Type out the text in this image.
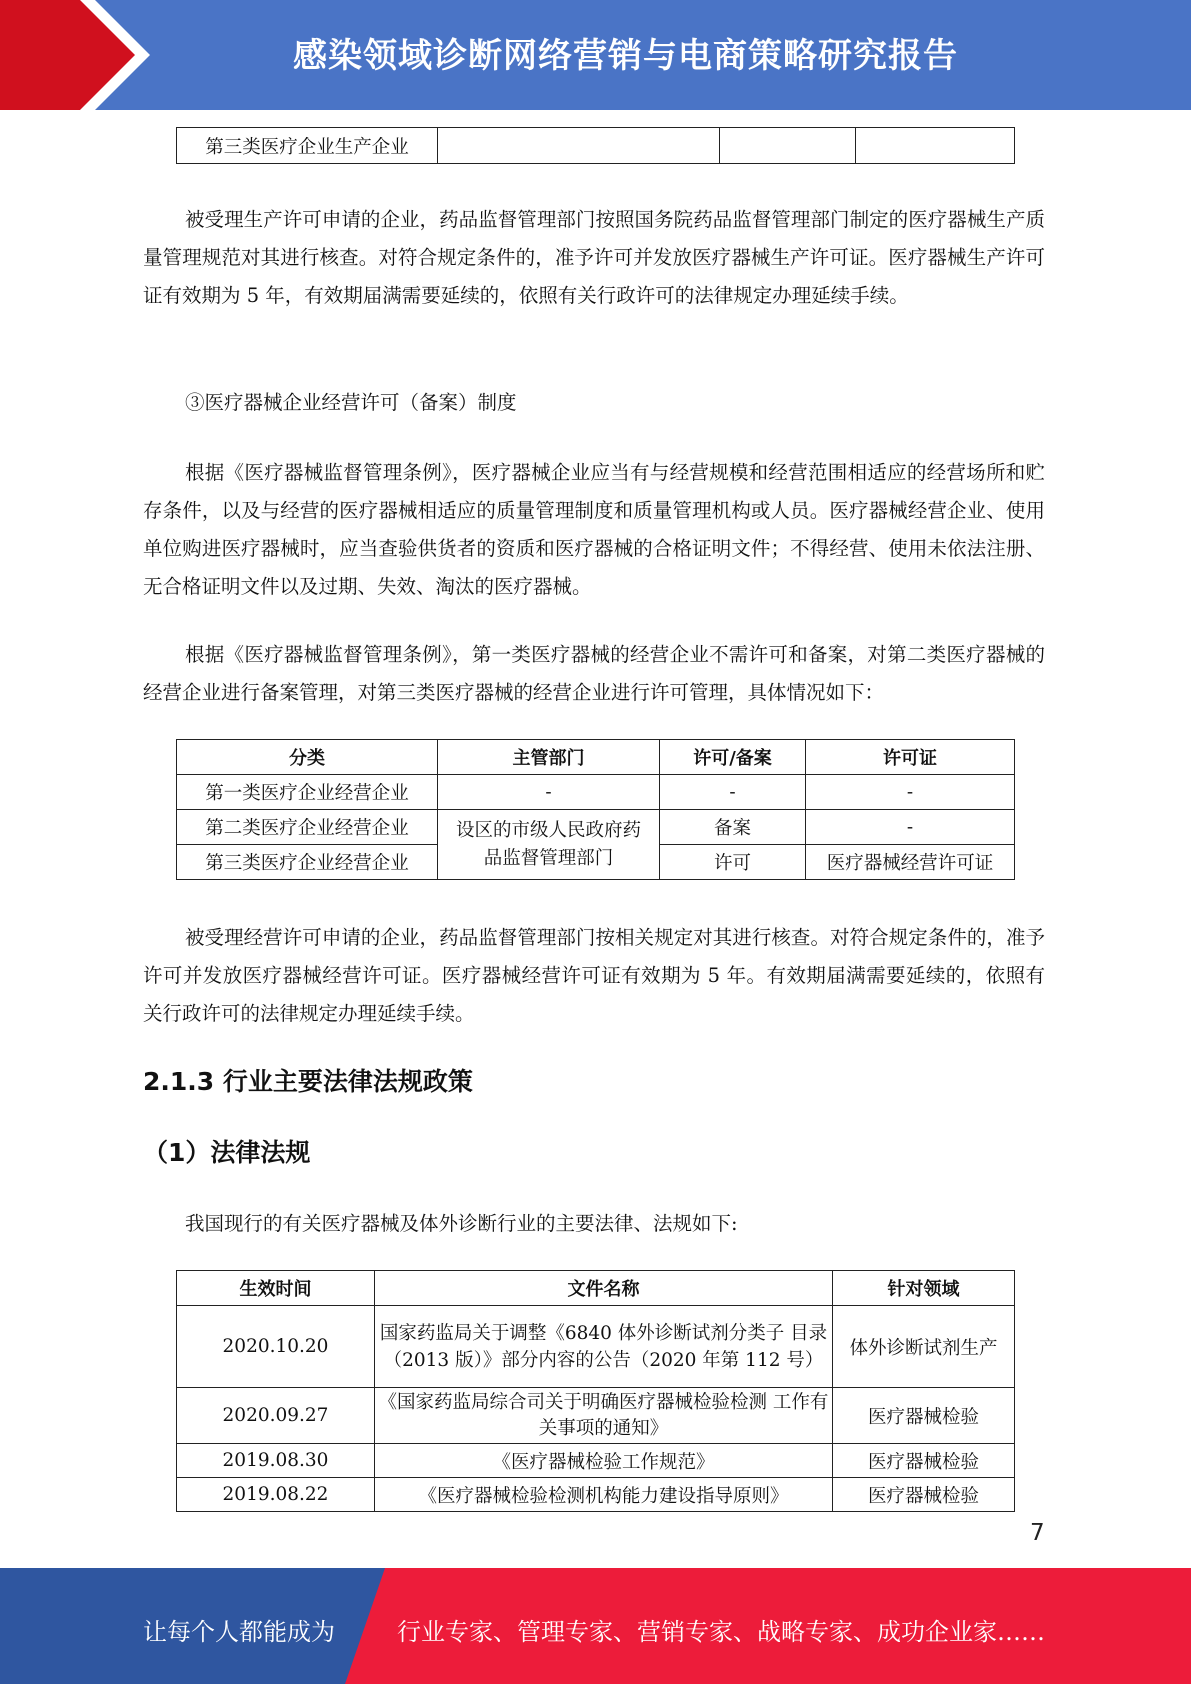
感染领域诊断网络营销与电商策略研究报告
第三类医疗企业生产企业			

被受理生产许可申请的企业，药品监督管理部门按照国务院药品监督管理部门制定的医疗器械生产质量管理规范对其进行核查。对符合规定条件的，准予许可并发放医疗器械生产许可证。医疗器械生产许可证有效期为 5 年，有效期届满需要延续的，依照有关行政许可的法律规定办理延续手续。

③医疗器械企业经营许可（备案）制度

根据《医疗器械监督管理条例》，医疗器械企业应当有与经营规模和经营范围相适应的经营场所和贮存条件，以及与经营的医疗器械相适应的质量管理制度和质量管理机构或人员。医疗器械经营企业、使用单位购进医疗器械时，应当查验供货者的资质和医疗器械的合格证明文件；不得经营、使用未依法注册、无合格证明文件以及过期、失效、淘汰的医疗器械。

根据《医疗器械监督管理条例》，第一类医疗器械的经营企业不需许可和备案，对第二类医疗器械的经营企业进行备案管理，对第三类医疗器械的经营企业进行许可管理，具体情况如下：

分类	主管部门	许可/备案	许可证
第一类医疗企业经营企业	-	-	-
第二类医疗企业经营企业	设区的市级人民政府药品监督管理部门	备案	-
第三类医疗企业经营企业		许可	医疗器械经营许可证

被受理经营许可申请的企业，药品监督管理部门按相关规定对其进行核查。对符合规定条件的，准予许可并发放医疗器械经营许可证。医疗器械经营许可证有效期为 5 年。有效期届满需要延续的，依照有关行政许可的法律规定办理延续手续。

2.1.3 行业主要法律法规政策
（1）法律法规

我国现行的有关医疗器械及体外诊断行业的主要法律、法规如下:

生效时间	文件名称	针对领域
2020.10.20	国家药监局关于调整《6840 体外诊断试剂分类子 目录（2013 版）》部分内容的公告（2020 年第 112 号）	体外诊断试剂生产
2020.09.27	《国家药监局综合司关于明确医疗器械检验检测 工作有关事项的通知》	医疗器械检验
2019.08.30	《医疗器械检验工作规范》	医疗器械检验
2019.08.22	《医疗器械检验检测机构能力建设指导原则》	医疗器械检验
7
让每个人都能成为	行业专家、管理专家、营销专家、战略专家、成功企业家……
